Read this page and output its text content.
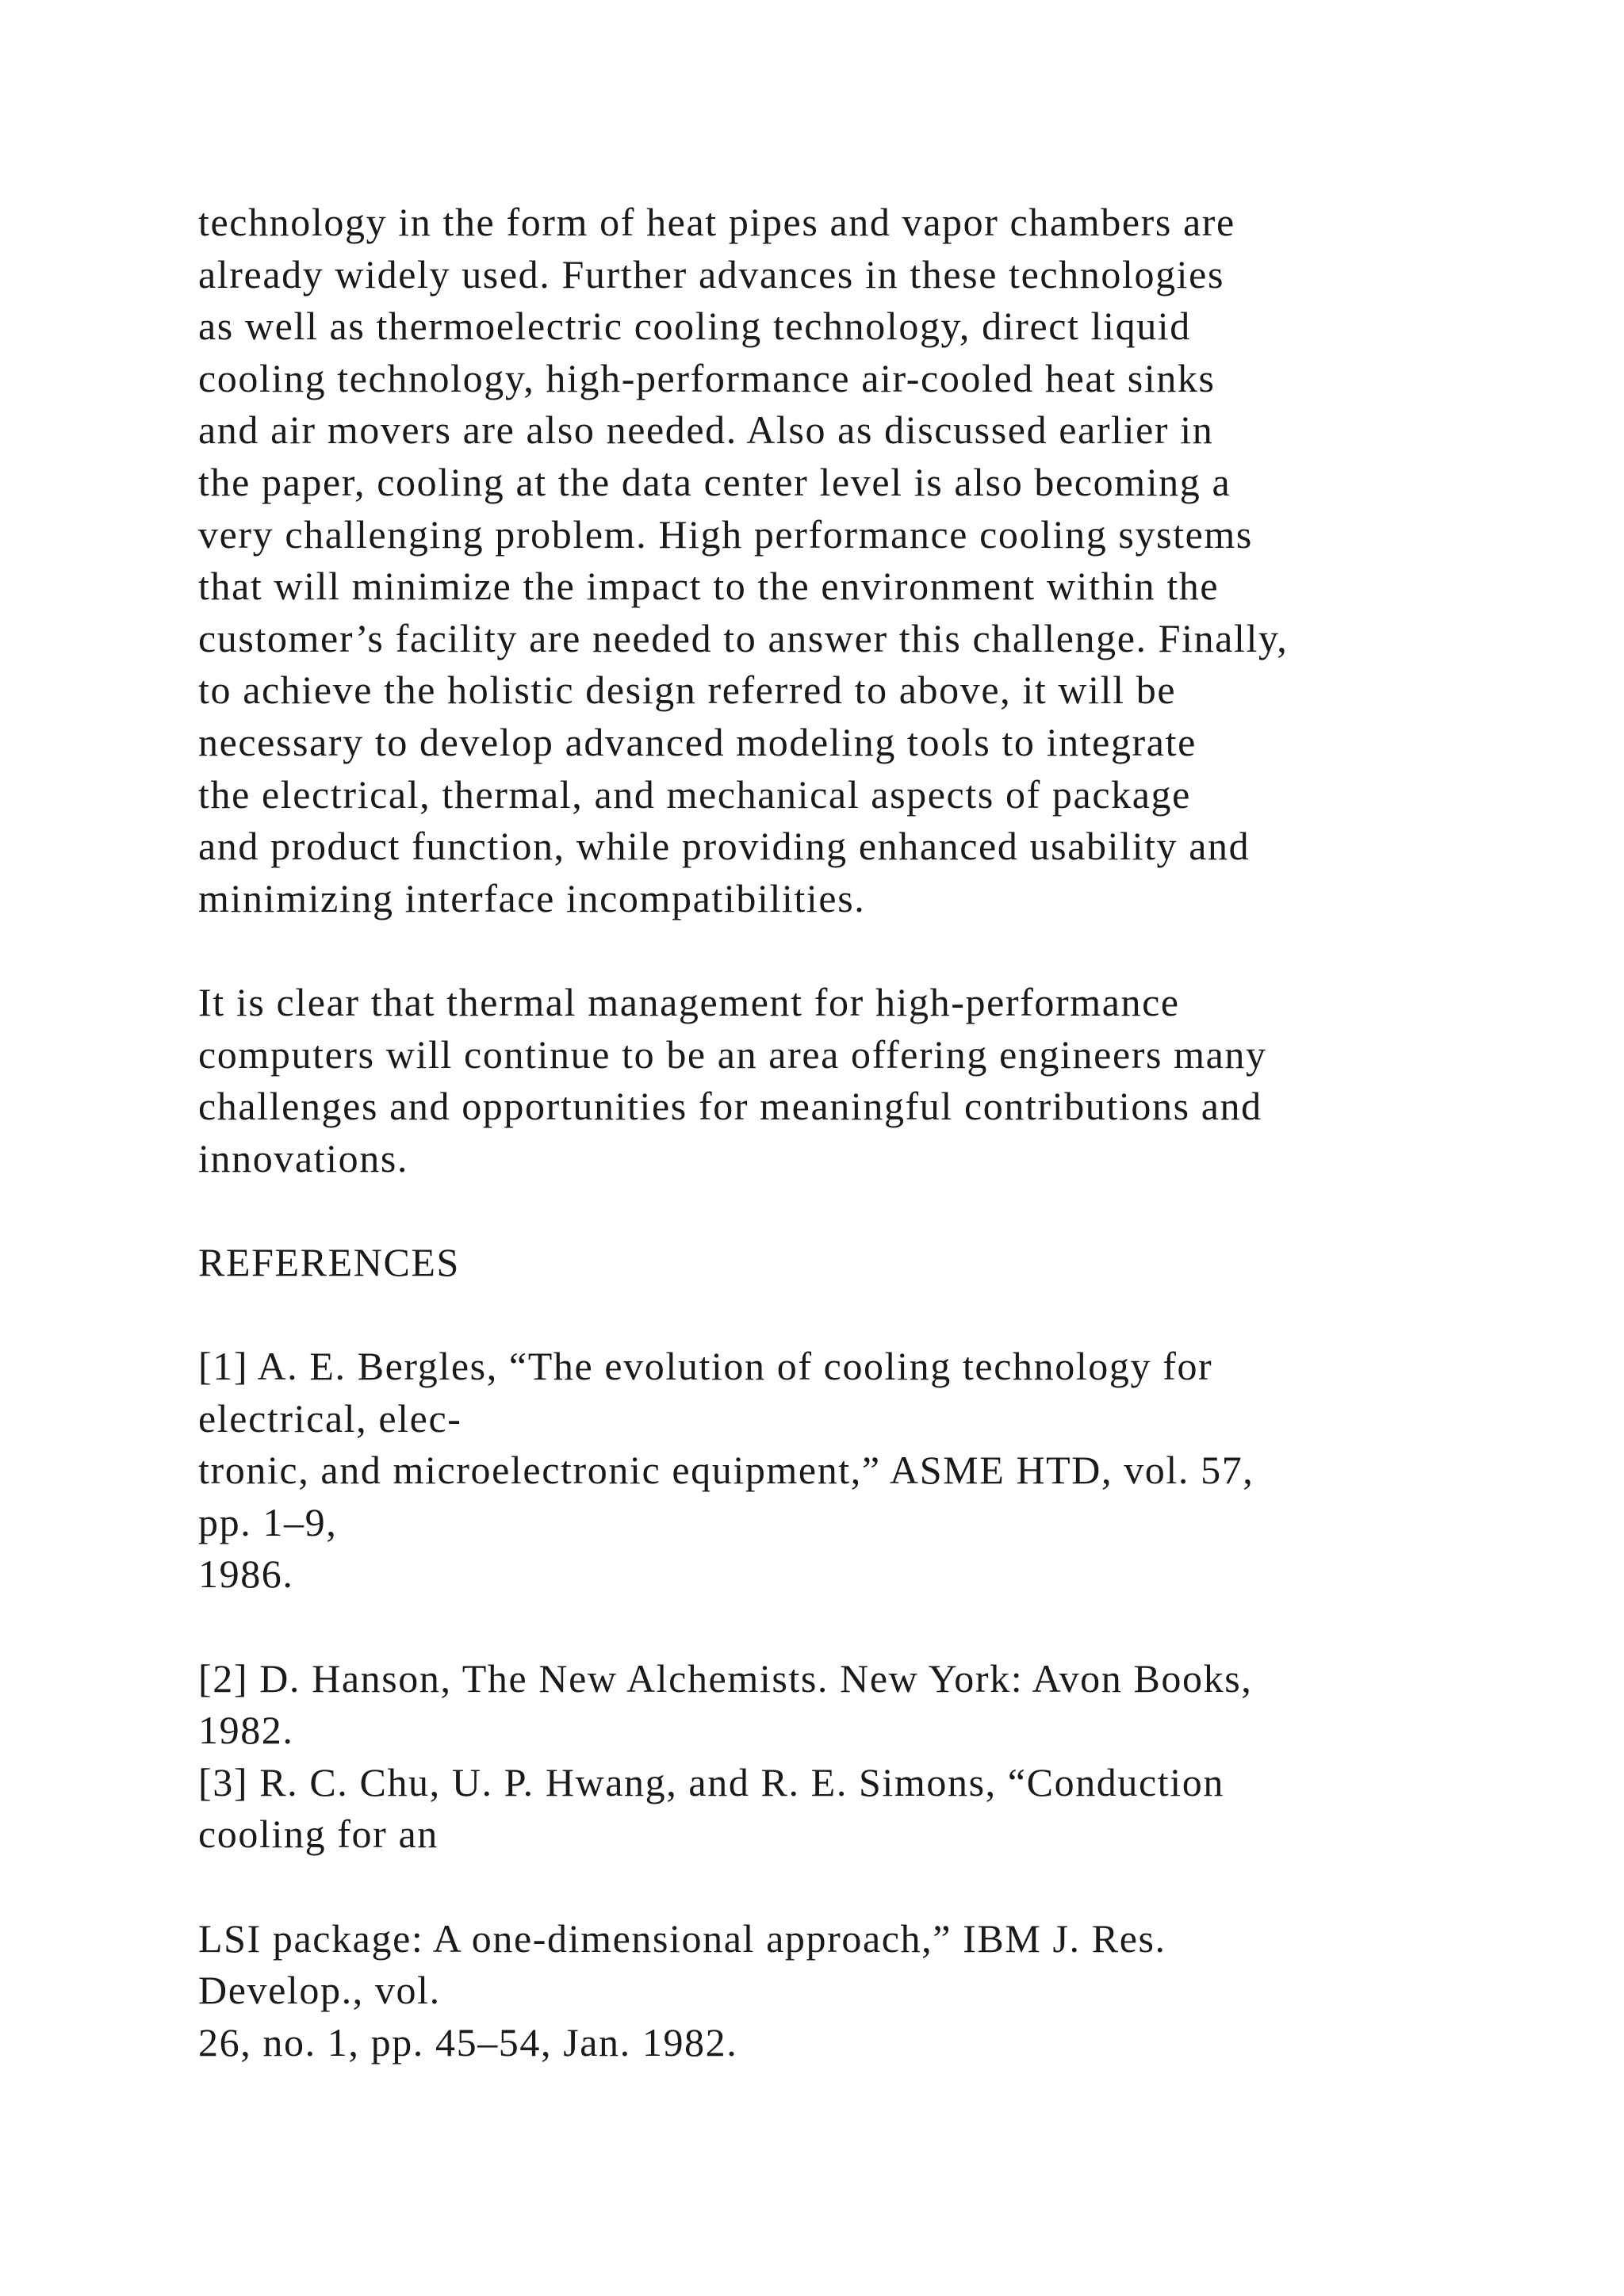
technology in the form of heat pipes and vapor chambers are
already widely used. Further advances in these technologies
as well as thermoelectric cooling technology, direct liquid
cooling technology, high-performance air-cooled heat sinks
and air movers are also needed. Also as discussed earlier in
the paper, cooling at the data center level is also becoming a
very challenging problem. High performance cooling systems
that will minimize the impact to the environment within the
customer’s facility are needed to answer this challenge. Finally,
to achieve the holistic design referred to above, it will be
necessary to develop advanced modeling tools to integrate
the electrical, thermal, and mechanical aspects of package
and product function, while providing enhanced usability and
minimizing interface incompatibilities.
It is clear that thermal management for high-performance
computers will continue to be an area offering engineers many
challenges and opportunities for meaningful contributions and
innovations.
REFERENCES
[1] A. E. Bergles, “The evolution of cooling technology for
electrical, elec-
tronic, and microelectronic equipment,” ASME HTD, vol. 57,
pp. 1–9,
1986.
[2] D. Hanson, The New Alchemists. New York: Avon Books,
1982.
[3] R. C. Chu, U. P. Hwang, and R. E. Simons, “Conduction
cooling for an
LSI package: A one-dimensional approach,” IBM J. Res.
Develop., vol.
26, no. 1, pp. 45–54, Jan. 1982.
